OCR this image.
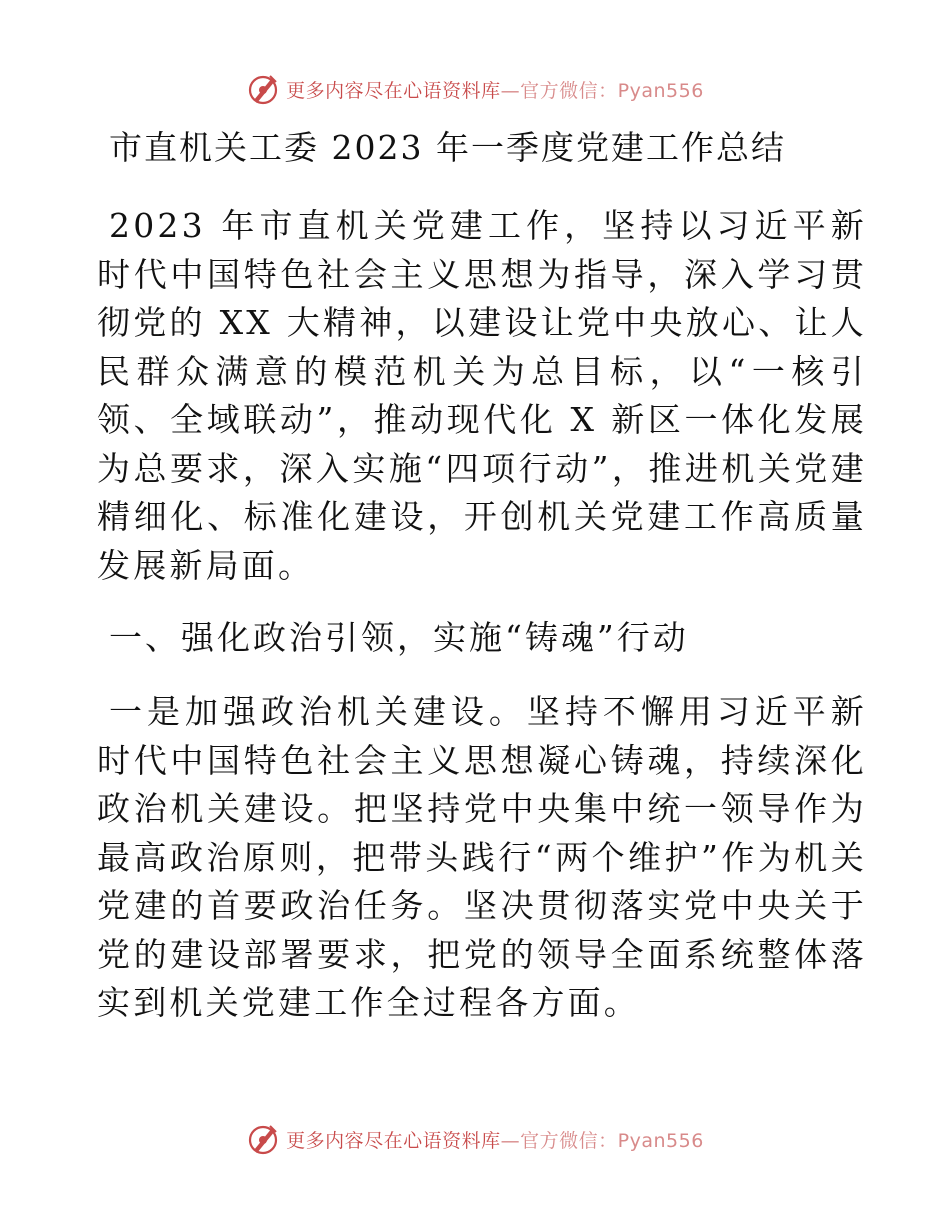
更多内容尽在心语资料库—官方微信：Pyan556
市直机关工委 2023 年一季度党建工作总结

2023 年市直机关党建工作，坚持以习近平新时代中国特色社会主义思想为指导，深入学习贯彻党的 XX 大精神，以建设让党中央放心、让人民群众满意的模范机关为总目标，以“一核引领、全域联动”，推动现代化 X 新区一体化发展为总要求，深入实施“四项行动”，推进机关党建精细化、标准化建设，开创机关党建工作高质量发展新局面。

一、强化政治引领，实施“铸魂”行动

一是加强政治机关建设。坚持不懈用习近平新时代中国特色社会主义思想凝心铸魂，持续深化政治机关建设。把坚持党中央集中统一领导作为最高政治原则，把带头践行“两个维护”作为机关党建的首要政治任务。坚决贯彻落实党中央关于党的建设部署要求，把党的领导全面系统整体落实到机关党建工作全过程各方面。

更多内容尽在心语资料库—官方微信：Pyan556
